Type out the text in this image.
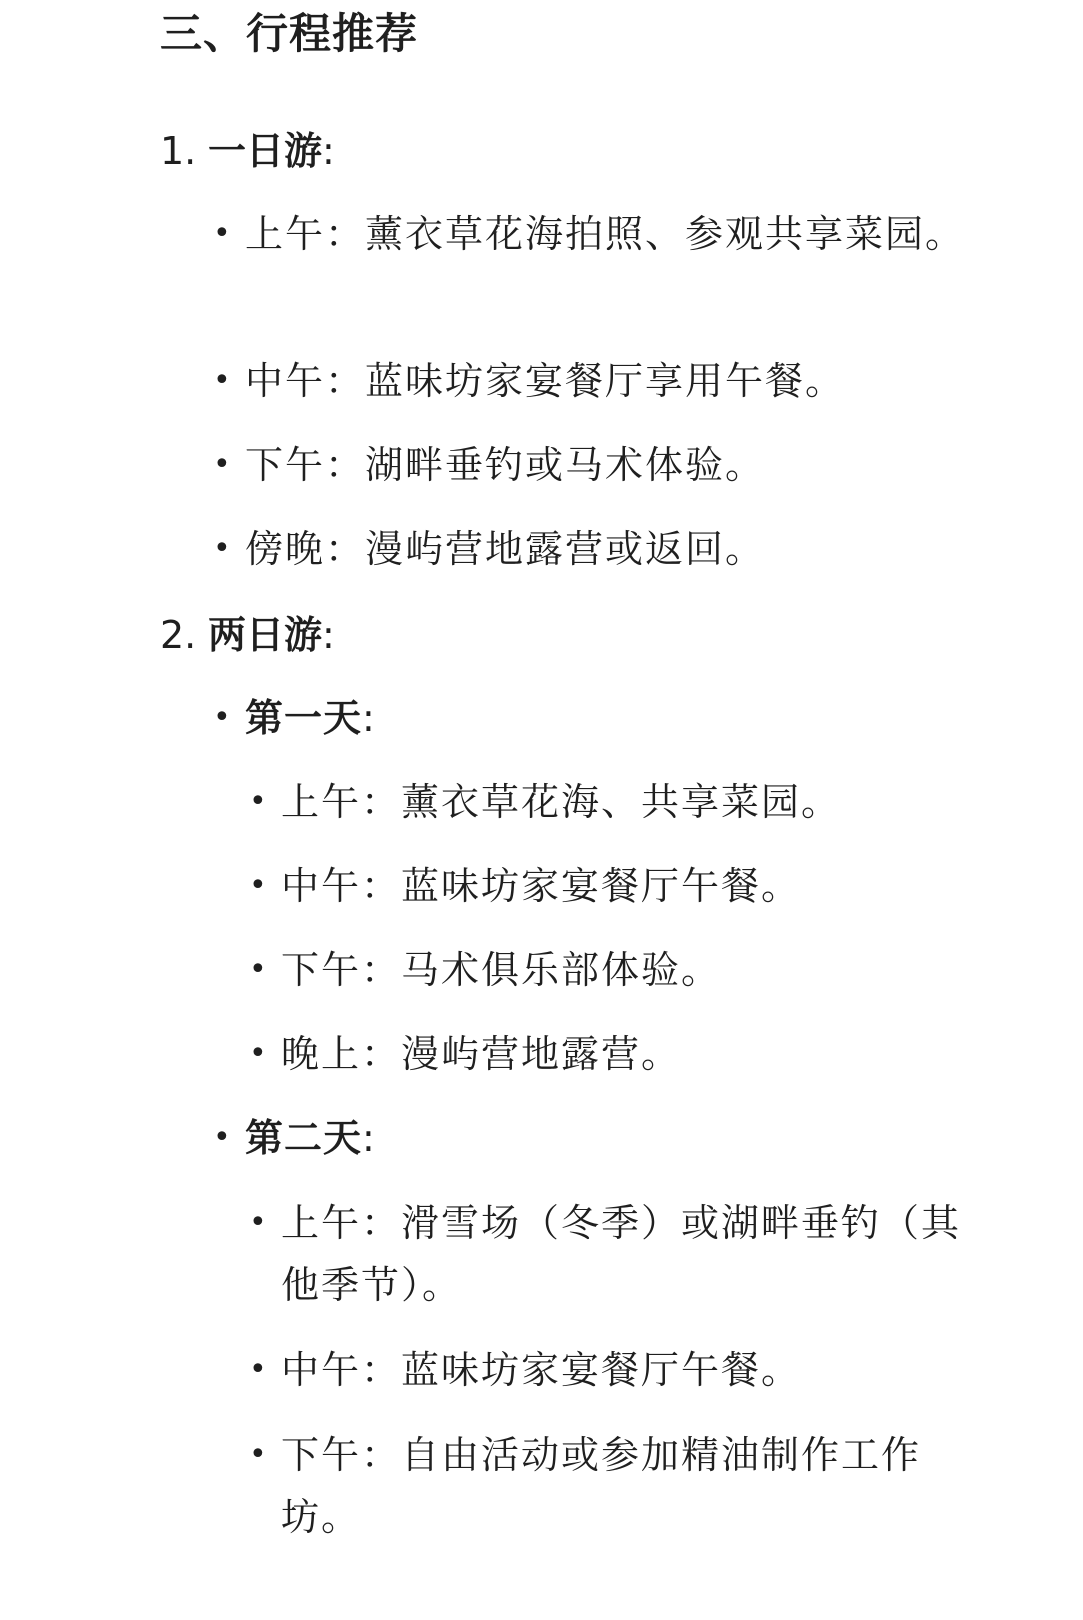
三、行程推荐
1. 一日游:
• 上午：薰衣草花海拍照、参观共享菜园。
• 中午：蓝味坊家宴餐厅享用午餐。
• 下午：湖畔垂钓或马术体验。
• 傍晚：漫屿营地露营或返回。
2. 两日游:
• 第一天:
• 上午：薰衣草花海、共享菜园。
• 中午：蓝味坊家宴餐厅午餐。
• 下午：马术俱乐部体验。
• 晚上：漫屿营地露营。
• 第二天:
• 上午：滑雪场（冬季）或湖畔垂钓（其他季节）。
• 中午：蓝味坊家宴餐厅午餐。
• 下午：自由活动或参加精油制作工作坊。
